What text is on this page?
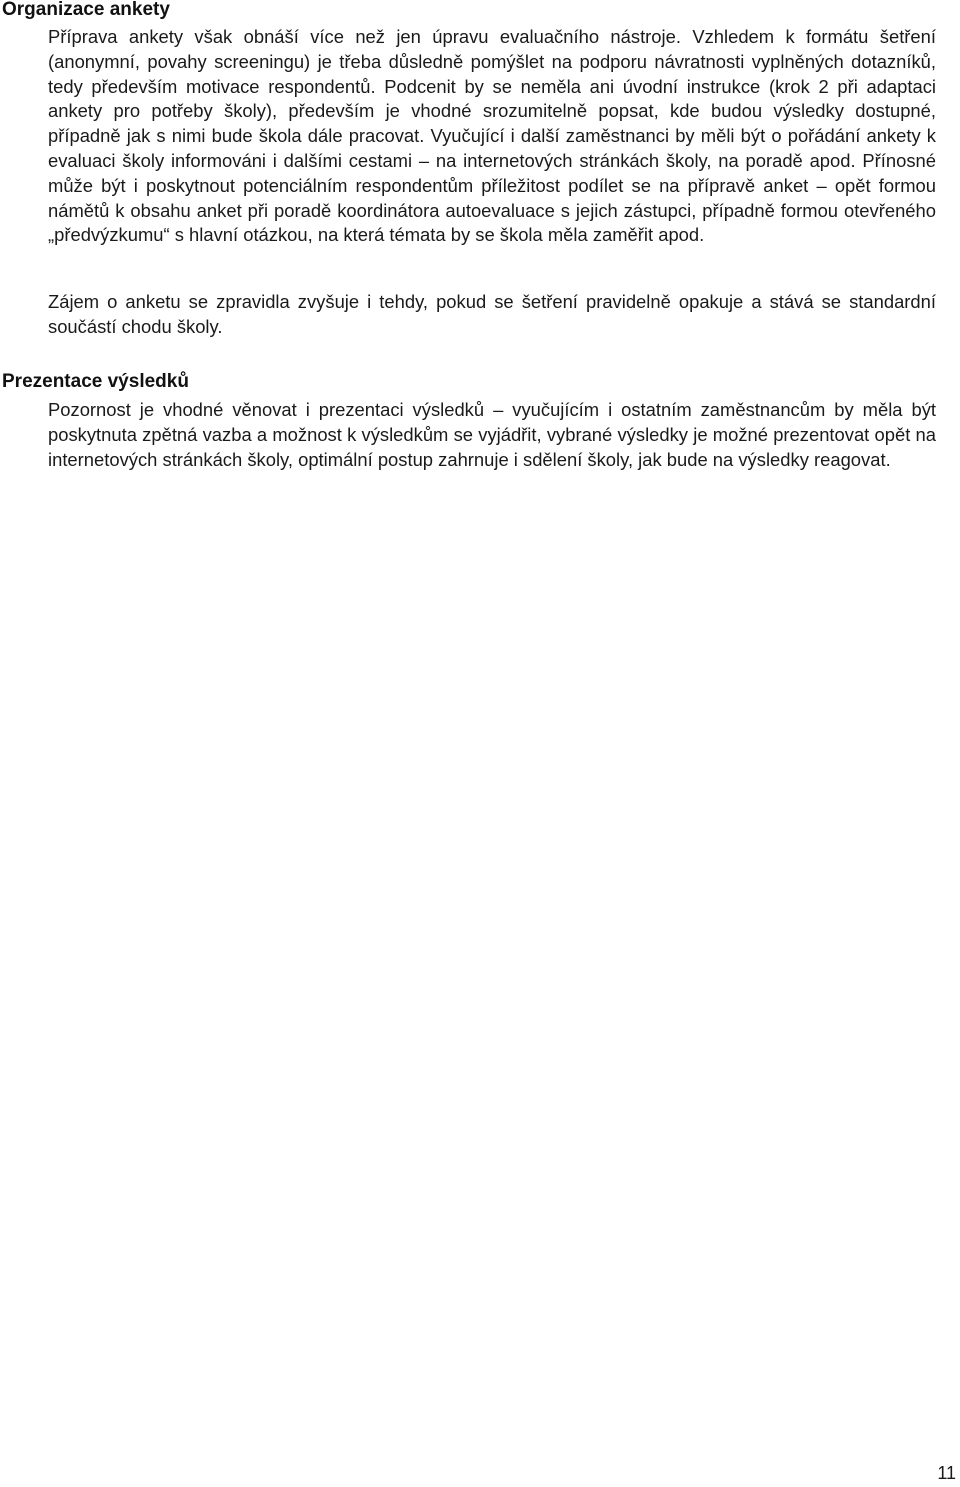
Organizace ankety

Příprava ankety však obnáší více než jen úpravu evaluačního nástroje. Vzhledem k formátu šetření (anonymní, povahy screeningu) je třeba důsledně pomýšlet na podporu návratnosti vyplněných dotazníků, tedy především motivace respondentů. Podcenit by se neměla ani úvodní instrukce (krok 2 při adaptaci ankety pro potřeby školy), především je vhodné srozumitelně popsat, kde budou výsledky dostupné, případně jak s nimi bude škola dále pracovat. Vyučující i další zaměstnanci by měli být o pořádání ankety k evaluaci školy informováni i dalšími cestami – na internetových stránkách školy, na poradě apod. Přínosné může být i poskytnout potenciálním respondentům příležitost podílet se na přípravě anket – opět formou námětů k obsahu anket při poradě koordinátora autoevaluace s jejich zástupci, případně formou otevřeného „předvýzkumu“ s hlavní otázkou, na která témata by se škola měla zaměřit apod.

Zájem o anketu se zpravidla zvyšuje i tehdy, pokud se šetření pravidelně opakuje a stává se standardní součástí chodu školy.

Prezentace výsledků

Pozornost je vhodné věnovat i prezentaci výsledků – vyučujícím i ostatním zaměstnancům by měla být poskytnuta zpětná vazba a možnost k výsledkům se vyjádřit, vybrané výsledky je možné prezentovat opět na internetových stránkách školy, optimální postup zahrnuje i sdělení školy, jak bude na výsledky reagovat.

11
